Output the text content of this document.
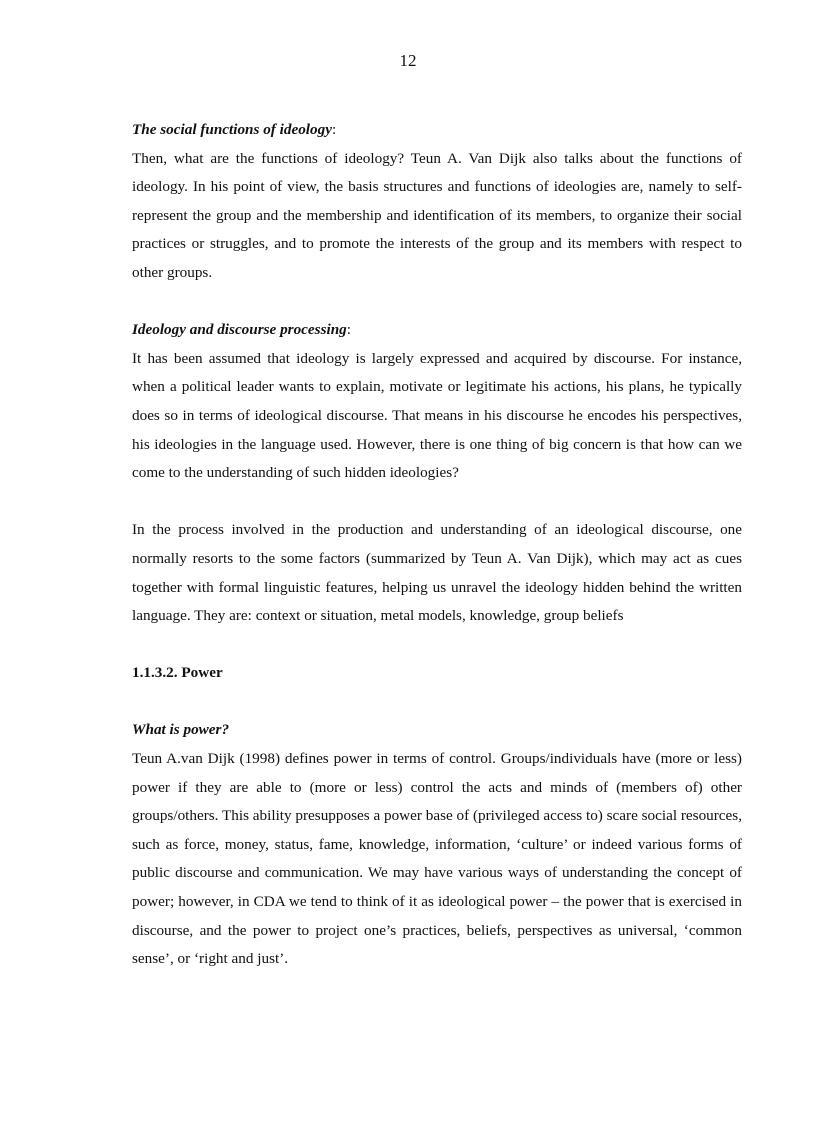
12
The social functions of ideology:

Then, what are the functions of ideology? Teun A. Van Dijk also talks about the functions of ideology. In his point of view, the basis structures and functions of ideologies are, namely to self-represent the group and the membership and identification of its members, to organize their social practices or struggles, and to promote the interests of the group and its members with respect to other groups.

Ideology and discourse processing:

It has been assumed that ideology is largely expressed and acquired by discourse. For instance, when a political leader wants to explain, motivate or legitimate his actions, his plans, he typically does so in terms of ideological discourse. That means in his discourse he encodes his perspectives, his ideologies in the language used. However, there is one thing of big concern is that how can we come to the understanding of such hidden ideologies?

In the process involved in the production and understanding of an ideological discourse, one normally resorts to the some factors (summarized by Teun A. Van Dijk), which may act as cues together with formal linguistic features, helping us unravel the ideology hidden behind the written language. They are: context or situation, metal models, knowledge, group beliefs

1.1.3.2. Power
What is power?

Teun A.van Dijk (1998) defines power in terms of control. Groups/individuals have (more or less) power if they are able to (more or less) control the acts and minds of (members of) other groups/others. This ability presupposes a power base of (privileged access to) scare social resources, such as force, money, status, fame, knowledge, information, ‘culture’ or indeed various forms of public discourse and communication. We may have various ways of understanding the concept of power; however, in CDA we tend to think of it as ideological power – the power that is exercised in discourse, and the power to project one’s practices, beliefs, perspectives as universal, ‘common sense’, or ‘right and just’.
